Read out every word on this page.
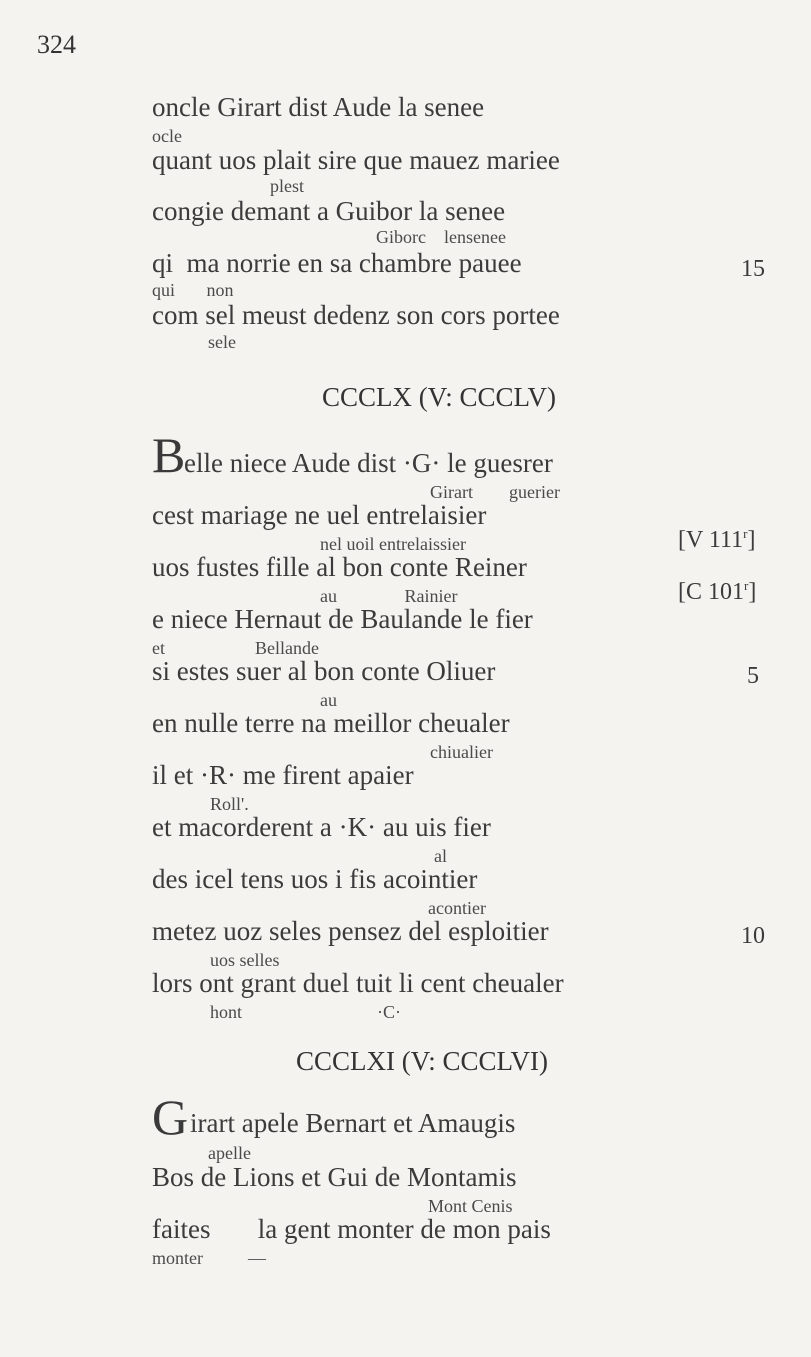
324
oncle Girart dist Aude la senee
ocle
quant uos plait sire que mauez mariee
plest
congie demant a Guibor la senee
Giborc    lensenee
qi  ma norrie en sa chambre pauee
qui       non
com sel meust dedenz son cors portee
sele
15
CCCLX (V: CCCLV)
B
elle niece Aude dist ·G· le guesrer
Girart        guerier
cest mariage ne uel entrelaisier
nel uoil entrelaissier
uos fustes fille al bon conte Reiner
au               Rainier
e niece Hernaut de Baulande le fier
et                    Bellande
si estes suer al bon conte Oliuer
au
en nulle terre na meillor cheualer
chiualier
il et ·R· me firent apaier
Roll'.
et macorderent a ·K· au uis fier
al
des icel tens uos i fis acointier
acontier
metez uoz seles pensez del esploitier
uos selles
lors ont grant duel tuit li cent cheualer
hont                              ·C·
[V 111$^r$]
[C 101$^r$]
5
10
CCCLXI (V: CCCLVI)
G irart apele Bernart et Amaugis
apelle
Bos de Lions et Gui de Montamis
Mont Cenis
faites       la gent monter de mon pais
monter          —
